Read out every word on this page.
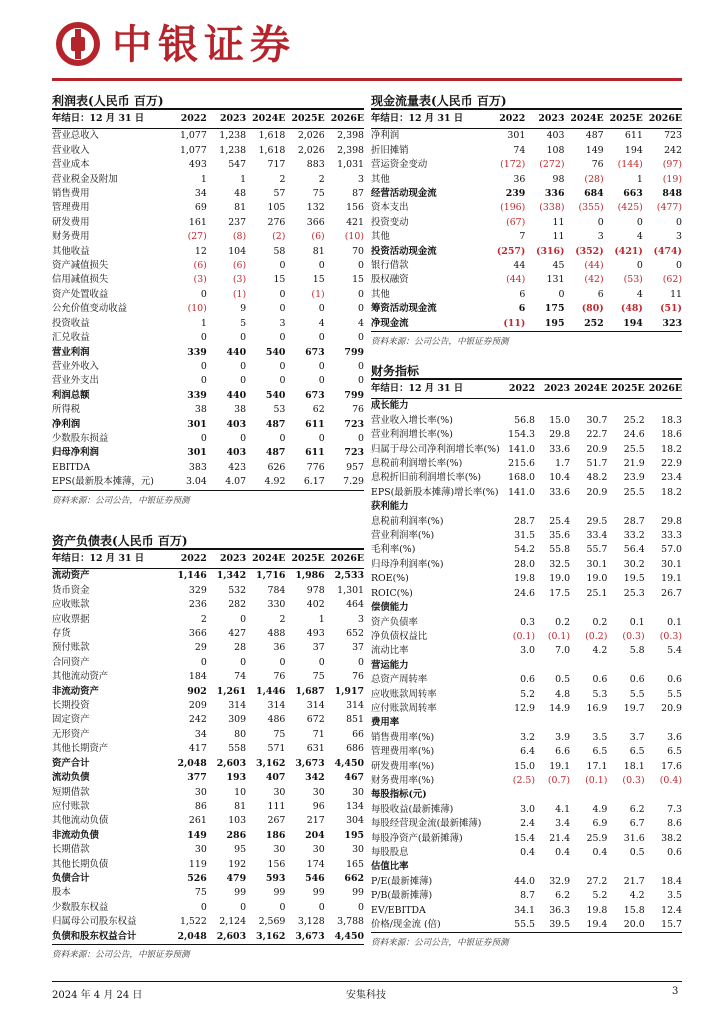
中银证券
利润表(人民币 百万)
年结日：12 月 31 日	2022	2023	2024E	2025E	2026E
营业总收入	1,077	1,238	1,618	2,026	2,398
营业收入	1,077	1,238	1,618	2,026	2,398
营业成本	493	547	717	883	1,031
营业税金及附加	1	1	2	2	3
销售费用	34	48	57	75	87
管理费用	69	81	105	132	156
研发费用	161	237	276	366	421
财务费用	(27)	(8)	(2)	(6)	(10)
其他收益	12	104	58	81	70
资产减值损失	(6)	(6)	0	0	0
信用减值损失	(3)	(3)	15	15	15
资产处置收益	0	(1)	0	(1)	0
公允价值变动收益	(10)	9	0	0	0
投资收益	1	5	3	4	4
汇兑收益	0	0	0	0	0
营业利润	339	440	540	673	799
营业外收入	0	0	0	0	0
营业外支出	0	0	0	0	0
利润总额	339	440	540	673	799
所得税	38	38	53	62	76
净利润	301	403	487	611	723
少数股东损益	0	0	0	0	0
归母净利润	301	403	487	611	723
EBITDA	383	423	626	776	957
EPS(最新股本摊薄，元)	3.04	4.07	4.92	6.17	7.29
资料来源：公司公告，中银证券预测
资产负债表(人民币 百万)
年结日：12 月 31 日	2022	2023	2024E	2025E	2026E
流动资产	1,146	1,342	1,716	1,986	2,533
货币资金	329	532	784	978	1,301
应收账款	236	282	330	402	464
应收票据	2	0	2	1	3
存货	366	427	488	493	652
预付账款	29	28	36	37	37
合同资产	0	0	0	0	0
其他流动资产	184	74	76	75	76
非流动资产	902	1,261	1,446	1,687	1,917
长期投资	209	314	314	314	314
固定资产	242	309	486	672	851
无形资产	34	80	75	71	66
其他长期资产	417	558	571	631	686
资产合计	2,048	2,603	3,162	3,673	4,450
流动负债	377	193	407	342	467
短期借款	30	10	30	30	30
应付账款	86	81	111	96	134
其他流动负债	261	103	267	217	304
非流动负债	149	286	186	204	195
长期借款	30	95	30	30	30
其他长期负债	119	192	156	174	165
负债合计	526	479	593	546	662
股本	75	99	99	99	99
少数股东权益	0	0	0	0	0
归属母公司股东权益	1,522	2,124	2,569	3,128	3,788
负债和股东权益合计	2,048	2,603	3,162	3,673	4,450
资料来源：公司公告，中银证券预测
现金流量表(人民币 百万)
年结日：12 月 31 日	2022	2023	2024E	2025E	2026E
净利润	301	403	487	611	723
折旧摊销	74	108	149	194	242
营运资金变动	(172)	(272)	76	(144)	(97)
其他	36	98	(28)	1	(19)
经营活动现金流	239	336	684	663	848
资本支出	(196)	(338)	(355)	(425)	(477)
投资变动	(67)	11	0	0	0
其他	7	11	3	4	3
投资活动现金流	(257)	(316)	(352)	(421)	(474)
银行借款	44	45	(44)	0	0
股权融资	(44)	131	(42)	(53)	(62)
其他	6	0	6	4	11
筹资活动现金流	6	175	(80)	(48)	(51)
净现金流	(11)	195	252	194	323
资料来源：公司公告，中银证券预测
财务指标
年结日：12 月 31 日	2022	2023	2024E	2025E	2026E
成长能力					
营业收入增长率(%)	56.8	15.0	30.7	25.2	18.3
营业利润增长率(%)	154.3	29.8	22.7	24.6	18.6
归属于母公司净利润增长率(%)	141.0	33.6	20.9	25.5	18.2
息税前利润增长率(%)	215.6	1.7	51.7	21.9	22.9
息税折旧前利润增长率(%)	168.0	10.4	48.2	23.9	23.4
EPS(最新股本摊薄)增长率(%)	141.0	33.6	20.9	25.5	18.2
获利能力					
息税前利润率(%)	28.7	25.4	29.5	28.7	29.8
营业利润率(%)	31.5	35.6	33.4	33.2	33.3
毛利率(%)	54.2	55.8	55.7	56.4	57.0
归母净利润率(%)	28.0	32.5	30.1	30.2	30.1
ROE(%)	19.8	19.0	19.0	19.5	19.1
ROIC(%)	24.6	17.5	25.1	25.3	26.7
偿债能力					
资产负债率	0.3	0.2	0.2	0.1	0.1
净负债权益比	(0.1)	(0.1)	(0.2)	(0.3)	(0.3)
流动比率	3.0	7.0	4.2	5.8	5.4
营运能力					
总资产周转率	0.6	0.5	0.6	0.6	0.6
应收账款周转率	5.2	4.8	5.3	5.5	5.5
应付账款周转率	12.9	14.9	16.9	19.7	20.9
费用率					
销售费用率(%)	3.2	3.9	3.5	3.7	3.6
管理费用率(%)	6.4	6.6	6.5	6.5	6.5
研发费用率(%)	15.0	19.1	17.1	18.1	17.6
财务费用率(%)	(2.5)	(0.7)	(0.1)	(0.3)	(0.4)
每股指标(元)					
每股收益(最新摊薄)	3.0	4.1	4.9	6.2	7.3
每股经营现金流(最新摊薄)	2.4	3.4	6.9	6.7	8.6
每股净资产(最新摊薄)	15.4	21.4	25.9	31.6	38.2
每股股息	0.4	0.4	0.4	0.5	0.6
估值比率					
P/E(最新摊薄)	44.0	32.9	27.2	21.7	18.4
P/B(最新摊薄)	8.7	6.2	5.2	4.2	3.5
EV/EBITDA	34.1	36.3	19.8	15.8	12.4
价格/现金流 (倍)	55.5	39.5	19.4	20.0	15.7
资料来源：公司公告，中银证券预测
2024 年 4 月 24 日	安集科技	3
